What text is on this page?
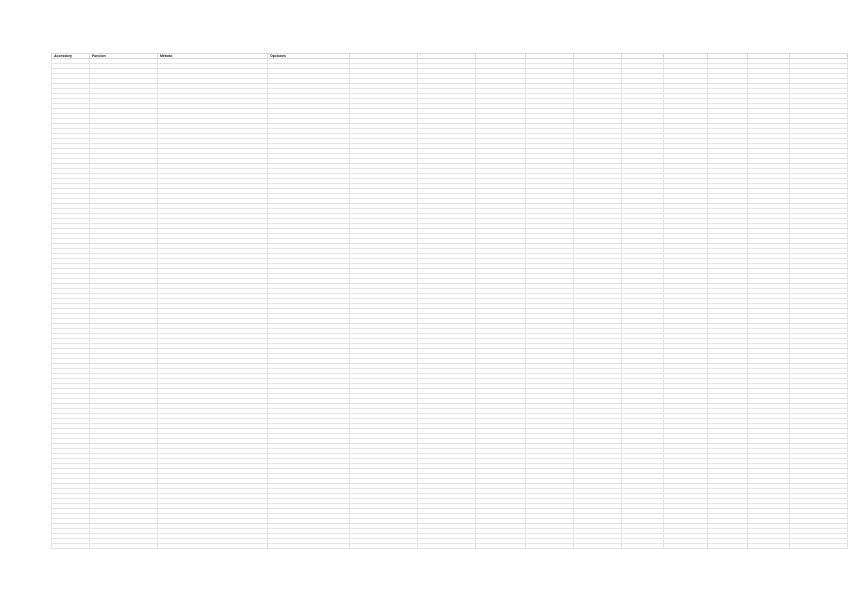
Accesskey	Función	Método	Opciones										
